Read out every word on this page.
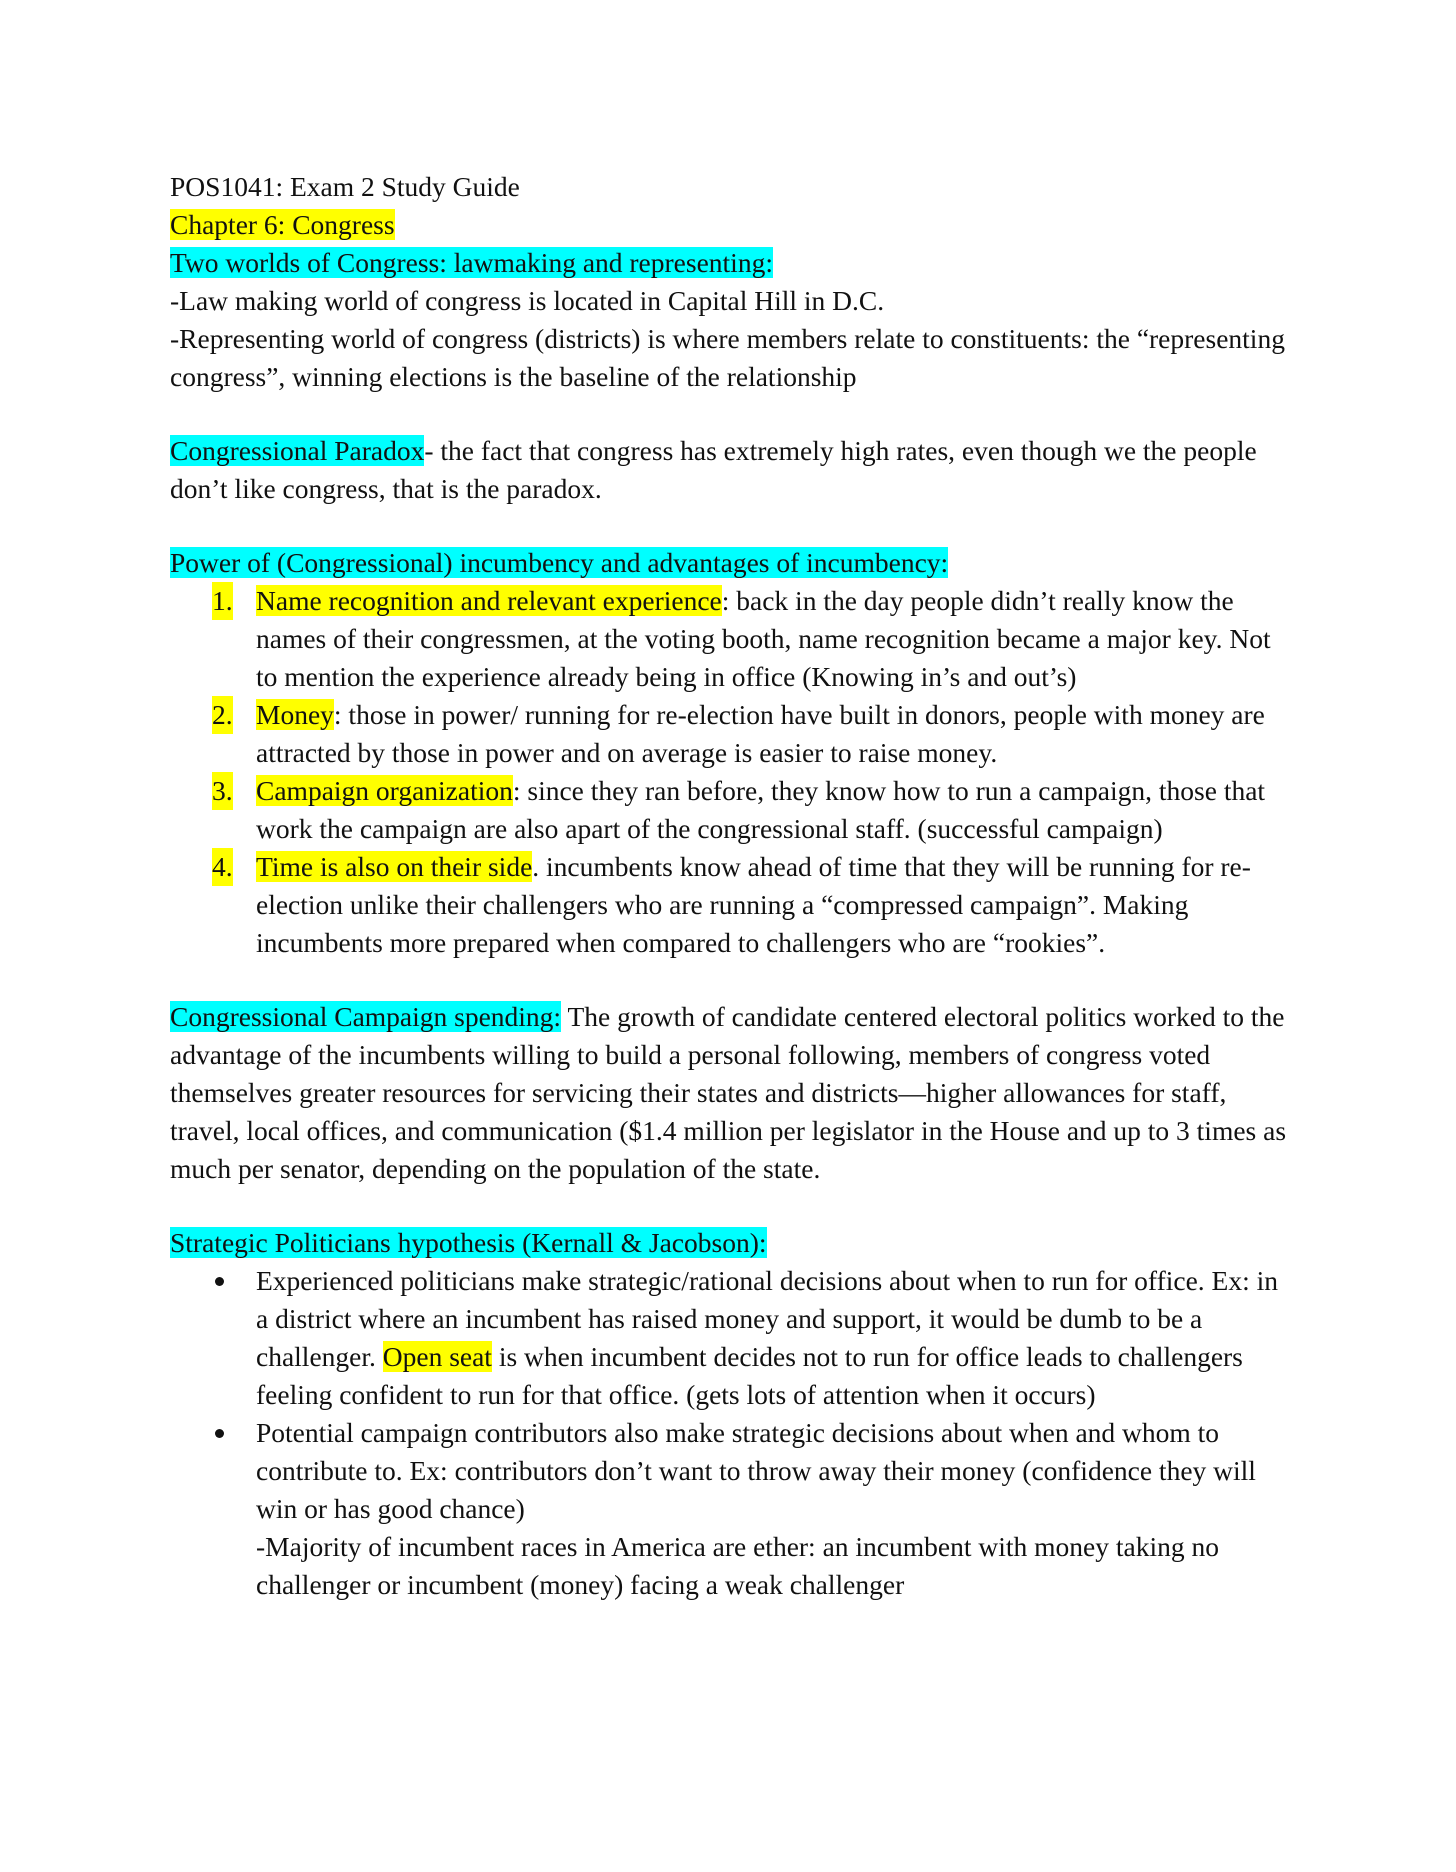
POS1041: Exam 2 Study Guide

Chapter 6: Congress

Two worlds of Congress: lawmaking and representing:

-Law making world of congress is located in Capital Hill in D.C.

-Representing world of congress (districts) is where members relate to constituents: the “representing congress”, winning elections is the baseline of the relationship

Congressional Paradox- the fact that congress has extremely high rates, even though we the people don’t like congress, that is the paradox.

Power of (Congressional) incumbency and advantages of incumbency:

1. Name recognition and relevant experience: back in the day people didn’t really know the names of their congressmen, at the voting booth, name recognition became a major key. Not to mention the experience already being in office (Knowing in’s and out’s)
2. Money: those in power/ running for re-election have built in donors, people with money are attracted by those in power and on average is easier to raise money.
3. Campaign organization: since they ran before, they know how to run a campaign, those that work the campaign are also apart of the congressional staff. (successful campaign)
4. Time is also on their side. incumbents know ahead of time that they will be running for re-election unlike their challengers who are running a “compressed campaign”. Making incumbents more prepared when compared to challengers who are “rookies”.

Congressional Campaign spending: The growth of candidate centered electoral politics worked to the advantage of the incumbents willing to build a personal following, members of congress voted themselves greater resources for servicing their states and districts—higher allowances for staff, travel, local offices, and communication ($1.4 million per legislator in the House and up to 3 times as much per senator, depending on the population of the state.

Strategic Politicians hypothesis (Kernall & Jacobson):

Experienced politicians make strategic/rational decisions about when to run for office. Ex: in a district where an incumbent has raised money and support, it would be dumb to be a challenger. Open seat is when incumbent decides not to run for office leads to challengers feeling confident to run for that office. (gets lots of attention when it occurs)
Potential campaign contributors also make strategic decisions about when and whom to contribute to. Ex: contributors don’t want to throw away their money (confidence they will win or has good chance)
-Majority of incumbent races in America are ether: an incumbent with money taking no challenger or incumbent (money) facing a weak challenger
